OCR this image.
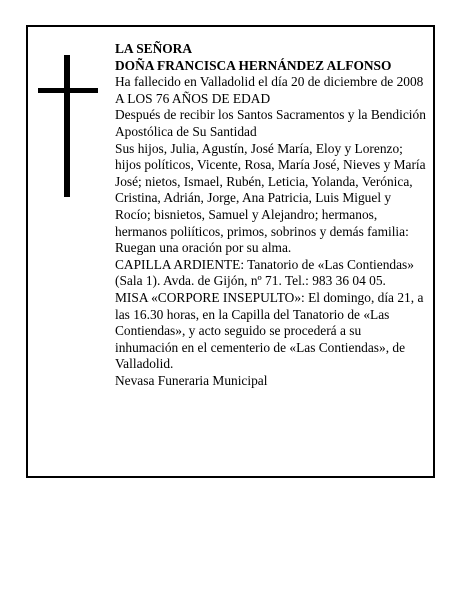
LA SEÑORA

DOÑA FRANCISCA HERNÁNDEZ ALFONSO

Ha fallecido en Valladolid el día 20 de diciembre de 2008

A LOS 76 AÑOS DE EDAD

Después de recibir los Santos Sacramentos y la Bendición Apostólica de Su Santidad

Sus hijos, Julia, Agustín, José María, Eloy y Lorenzo; hijos políticos, Vicente, Rosa, María José, Nieves y María José; nietos, Ismael, Rubén, Leticia, Yolanda, Verónica, Cristina, Adrián, Jorge, Ana Patricia, Luis Miguel y Rocío; bisnietos, Samuel y Alejandro; hermanos, hermanos poliíticos, primos, sobrinos y demás familia:

Ruegan una oración por su alma.

CAPILLA ARDIENTE: Tanatorio de «Las Contiendas» (Sala 1). Avda. de Gijón, nº 71. Tel.: 983 36 04 05.

MISA «CORPORE INSEPULTO»: El domingo, día 21, a las 16.30 horas, en la Capilla del Tanatorio de «Las Contiendas», y acto seguido se procederá a su inhumación en el cementerio de «Las Contiendas», de Valladolid.

Nevasa Funeraria Municipal
